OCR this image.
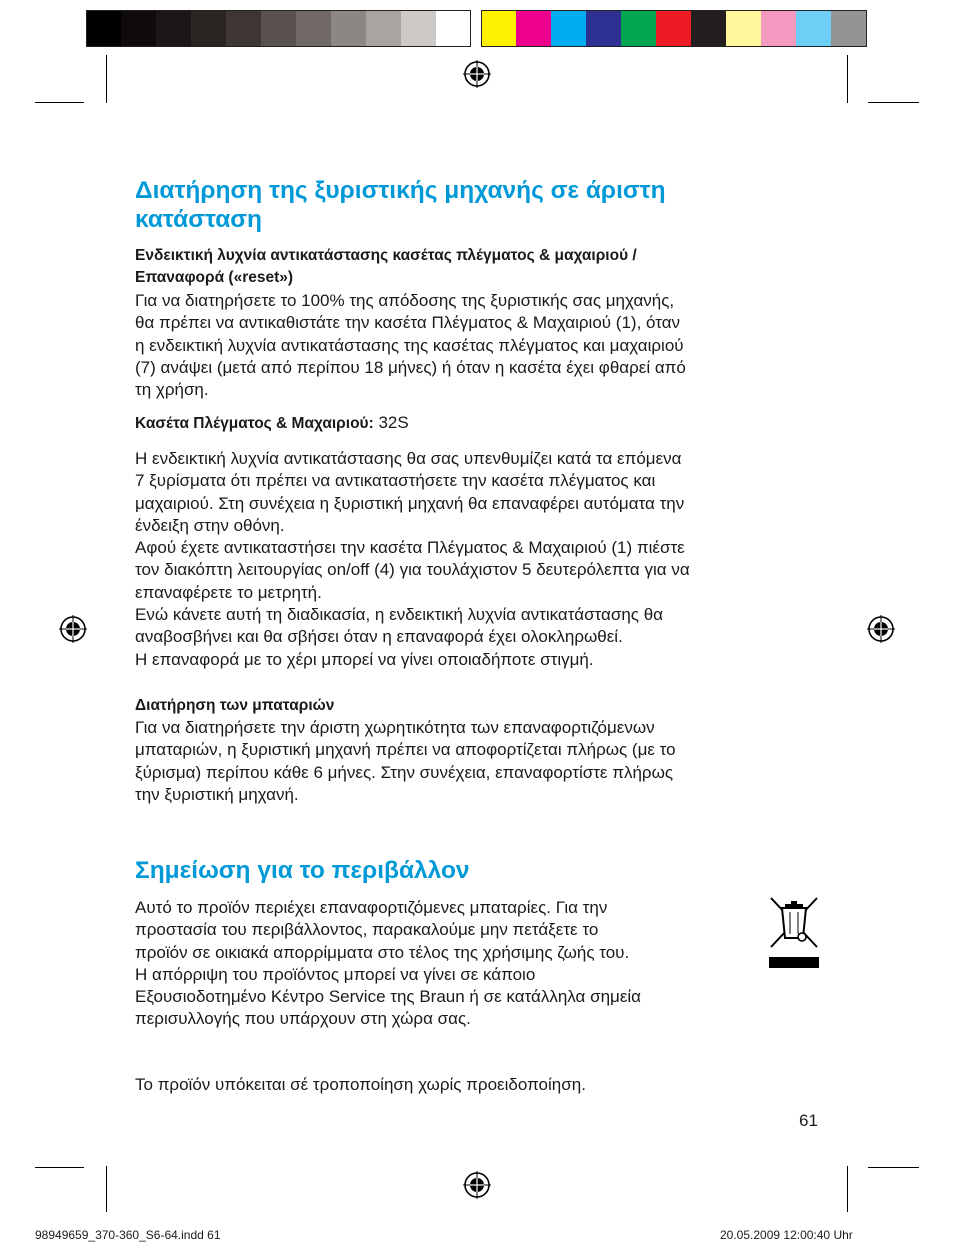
Διατήρηση της ξυριστικής μηχανής σε άριστη
κατάσταση
Ενδεικτική λυχνία αντικατάστασης κασέτας πλέγματος & μαχαιριού /
Επαναφορά («reset»)

Για να διατηρήσετε το 100% της απόδοσης της ξυριστικής σας μηχανής,
θα πρέπει να αντικαθιστάτε την κασέτα Πλέγματος & Μαχαιριού (1), όταν
η ενδεικτική λυχνία αντικατάστασης της κασέτας πλέγματος και μαχαιριού
(7) ανάψει (μετά από περίπου 18 μήνες) ή όταν η κασέτα έχει φθαρεί από
τη χρήση.

Κασέτα Πλέγματος & Μαχαιριού: 32S

Η ενδεικτική λυχνία αντικατάστασης θα σας υπενθυμίζει κατά τα επόμενα
7 ξυρίσματα ότι πρέπει να αντικαταστήσετε την κασέτα πλέγματος και
μαχαιριού. Στη συνέχεια η ξυριστική μηχανή θα επαναφέρει αυτόματα την
ένδειξη στην οθόνη.
Αφού έχετε αντικαταστήσει την κασέτα Πλέγματος & Μαχαιριού (1) πιέστε
τον διακόπτη λειτουργίας on/off (4) για τουλάχιστον 5 δευτερόλεπτα για να
επαναφέρετε το μετρητή.
Ενώ κάνετε αυτή τη διαδικασία, η ενδεικτική λυχνία αντικατάστασης θα
αναβοσβήνει και θα σβήσει όταν η επαναφορά έχει ολοκληρωθεί.
Η επαναφορά με το χέρι μπορεί να γίνει οποιαδήποτε στιγμή.

Διατήρηση των μπαταριών

Για να διατηρήσετε την άριστη χωρητικότητα των επαναφορτιζόμενων
μπαταριών, η ξυριστική μηχανή πρέπει να αποφορτίζεται πλήρως (με το
ξύρισμα) περίπου κάθε 6 μήνες. Στην συνέχεια, επαναφορτίστε πλήρως
την ξυριστική μηχανή.

Σημείωση για το περιβάλλον

Αυτό το προϊόν περιέχει επαναφορτιζόμενες μπαταρίες. Για την
προστασία του περιβάλλοντος, παρακαλούμε μην πετάξετε το
προϊόν σε οικιακά απορρίμματα στο τέλος της χρήσιμης ζωής του.
Η απόρριψη του προϊόντος μπορεί να γίνει σε κάποιο
Εξουσιοδοτημένο Κέντρο Service της Braun ή σε κατάλληλα σημεία
περισυλλογής που υπάρχουν στη χώρα σας.

Το προϊόν υπόκειται σέ τροποποίηση χωρίς προειδοποίηση.

61
98949659_370-360_S6-64.indd 61	20.05.2009 12:00:40 Uhr
